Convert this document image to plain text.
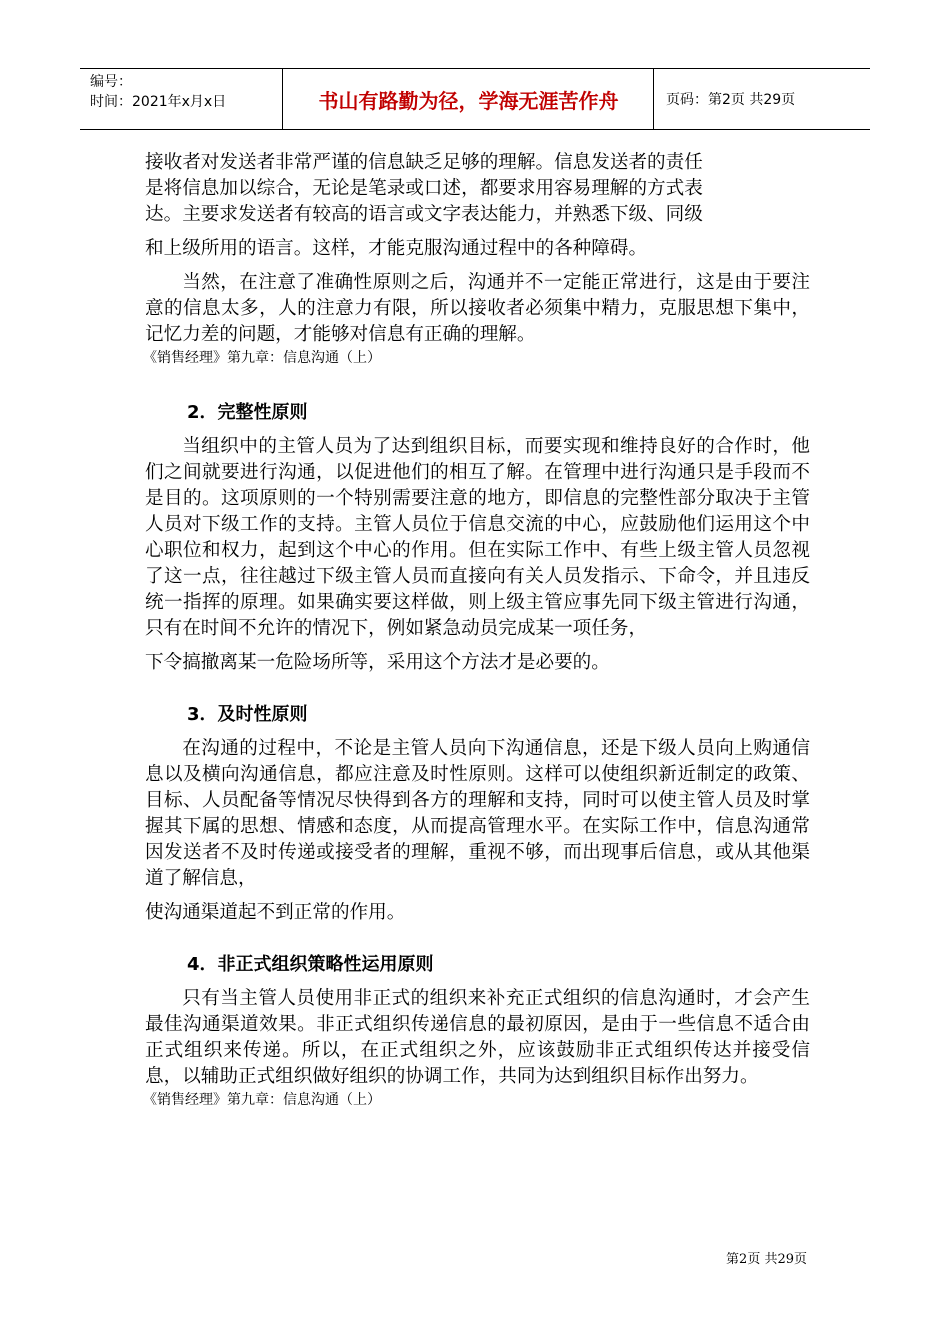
编号：
时间：2021年x月x日	书山有路勤为径，学海无涯苦作舟	页码：第2页 共29页

接收者对发送者非常严谨的信息缺乏足够的理解。信息发送者的责任

是将信息加以综合，无论是笔录或口述，都要求用容易理解的方式表

达。主要求发送者有较高的语言或文字表达能力，并熟悉下级、同级

和上级所用的语言。这样，才能克服沟通过程中的各种障碍。

当然，在注意了准确性原则之后，沟通并不一定能正常进行，这是由于要注意的信息太多，人的注意力有限，所以接收者必须集中精力，克服思想下集中，记忆力差的问题，才能够对信息有正确的理解。

《销售经理》第九章：信息沟通（上）

2．完整性原则

当组织中的主管人员为了达到组织目标，而要实现和维持良好的合作时，他们之间就要进行沟通，以促进他们的相互了解。在管理中进行沟通只是手段而不是目的。这项原则的一个特别需要注意的地方，即信息的完整性部分取决于主管人员对下级工作的支持。主管人员位于信息交流的中心，应鼓励他们运用这个中心职位和权力，起到这个中心的作用。但在实际工作中、有些上级主管人员忽视了这一点，往往越过下级主管人员而直接向有关人员发指示、下命令，并且违反统一指挥的原理。如果确实要这样做，则上级主管应事先同下级主管进行沟通，只有在时间不允许的情况下，例如紧急动员完成某一项任务，

下令搞撤离某一危险场所等，采用这个方法才是必要的。

3．及时性原则

在沟通的过程中，不论是主管人员向下沟通信息，还是下级人员向上购通信息以及横向沟通信息，都应注意及时性原则。这样可以使组织新近制定的政策、目标、人员配备等情况尽快得到各方的理解和支持，同时可以使主管人员及时掌握其下属的思想、情感和态度，从而提高管理水平。在实际工作中，信息沟通常因发送者不及时传递或接受者的理解，重视不够，而出现事后信息，或从其他渠道了解信息，

使沟通渠道起不到正常的作用。

4．非正式组织策略性运用原则

只有当主管人员使用非正式的组织来补充正式组织的信息沟通时，才会产生最佳沟通渠道效果。非正式组织传递信息的最初原因，是由于一些信息不适合由正式组织来传递。所以，在正式组织之外，应该鼓励非正式组织传达并接受信息，以辅助正式组织做好组织的协调工作，共同为达到组织目标作出努力。

《销售经理》第九章：信息沟通（上）

第2页 共29页
